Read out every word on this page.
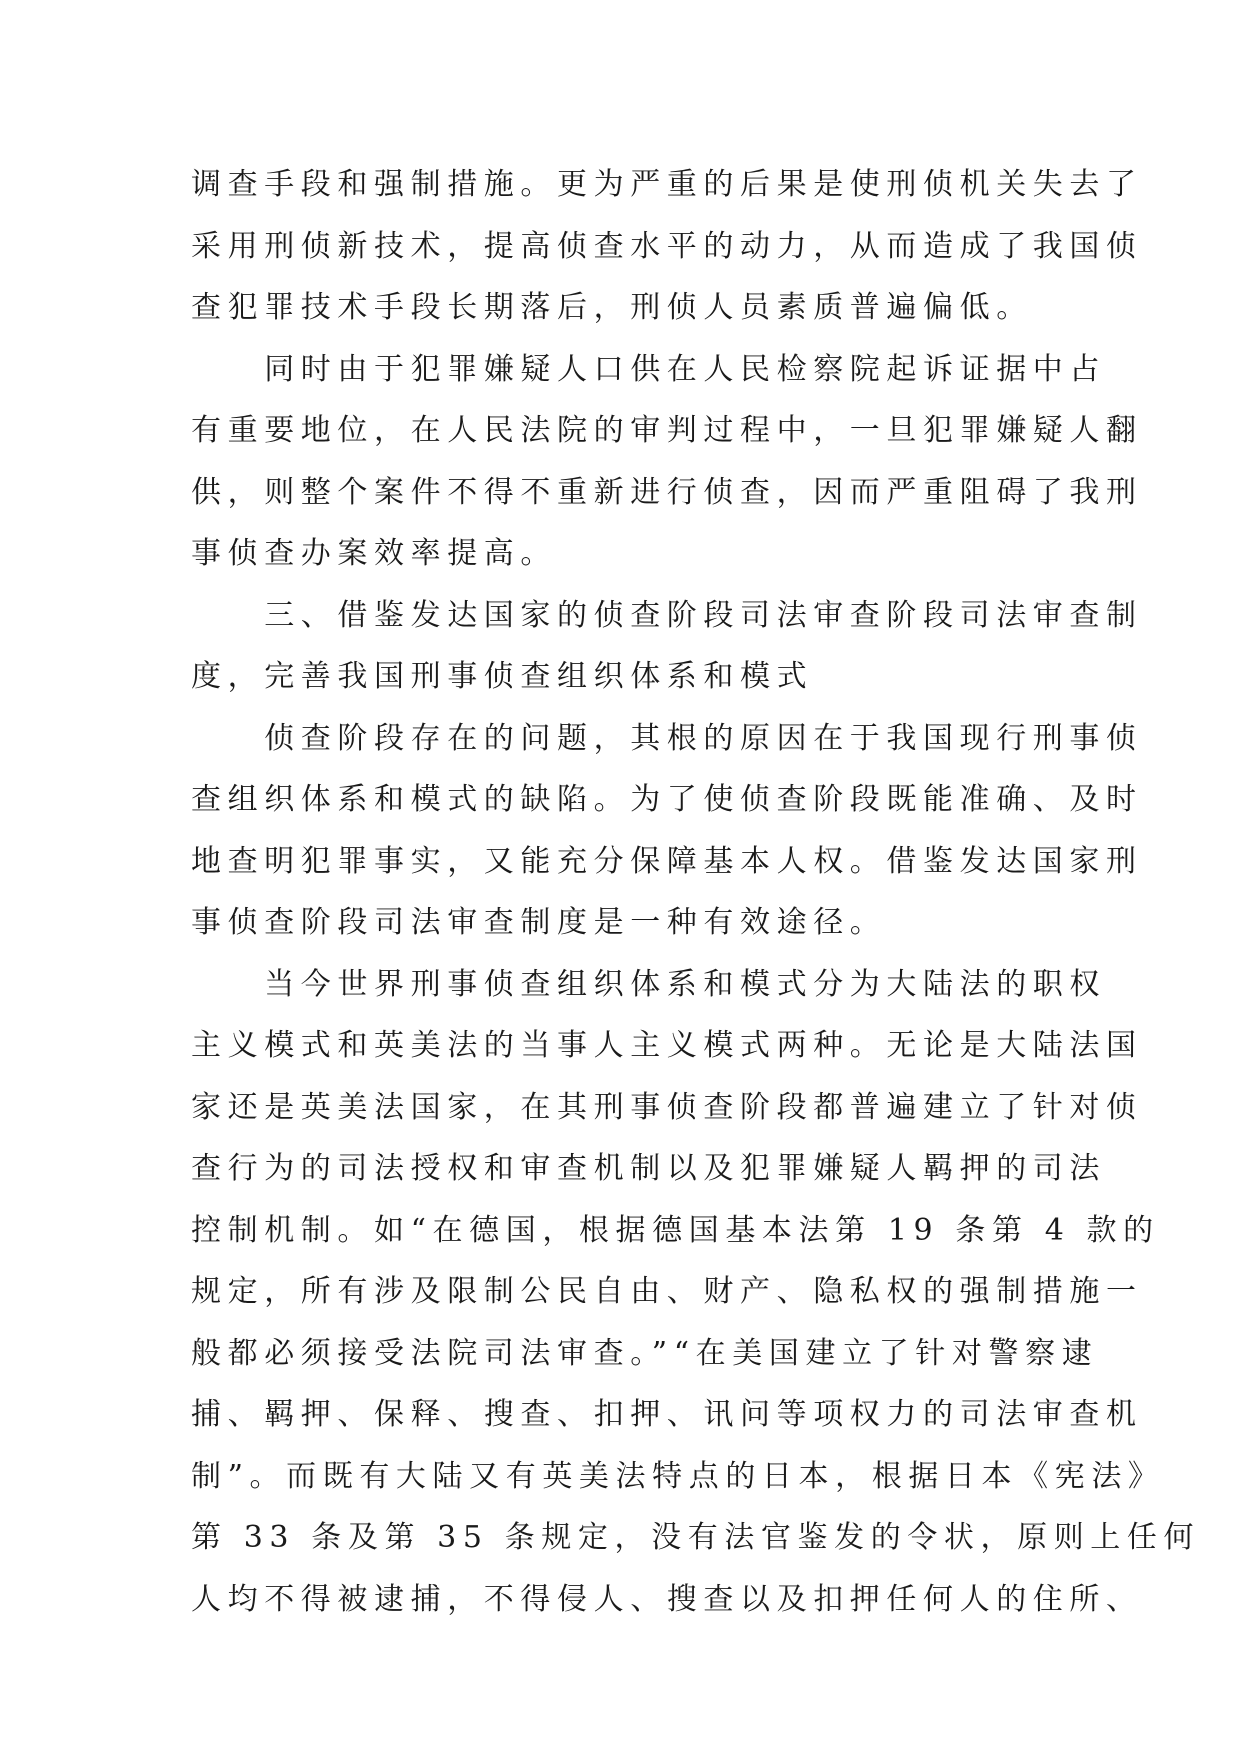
调查手段和强制措施。更为严重的后果是使刑侦机关失去了
采用刑侦新技术，提高侦查水平的动力，从而造成了我国侦
查犯罪技术手段长期落后，刑侦人员素质普遍偏低。
　　同时由于犯罪嫌疑人口供在人民检察院起诉证据中占
有重要地位，在人民法院的审判过程中，一旦犯罪嫌疑人翻
供，则整个案件不得不重新进行侦查，因而严重阻碍了我刑
事侦查办案效率提高。
　　三、借鉴发达国家的侦查阶段司法审查阶段司法审查制
度，完善我国刑事侦查组织体系和模式
　　侦查阶段存在的问题，其根的原因在于我国现行刑事侦
查组织体系和模式的缺陷。为了使侦查阶段既能准确、及时
地查明犯罪事实，又能充分保障基本人权。借鉴发达国家刑
事侦查阶段司法审查制度是一种有效途径。
　　当今世界刑事侦查组织体系和模式分为大陆法的职权
主义模式和英美法的当事人主义模式两种。无论是大陆法国
家还是英美法国家，在其刑事侦查阶段都普遍建立了针对侦
查行为的司法授权和审查机制以及犯罪嫌疑人羁押的司法
控制机制。如“在德国，根据德国基本法第 19 条第 4 款的
规定，所有涉及限制公民自由、财产、隐私权的强制措施一
般都必须接受法院司法审查。”“在美国建立了针对警察逮
捕、羁押、保释、搜查、扣押、讯问等项权力的司法审查机
制”。而既有大陆又有英美法特点的日本，根据日本《宪法》
第 33 条及第 35 条规定，没有法官鉴发的令状，原则上任何
人均不得被逮捕，不得侵人、搜查以及扣押任何人的住所、
